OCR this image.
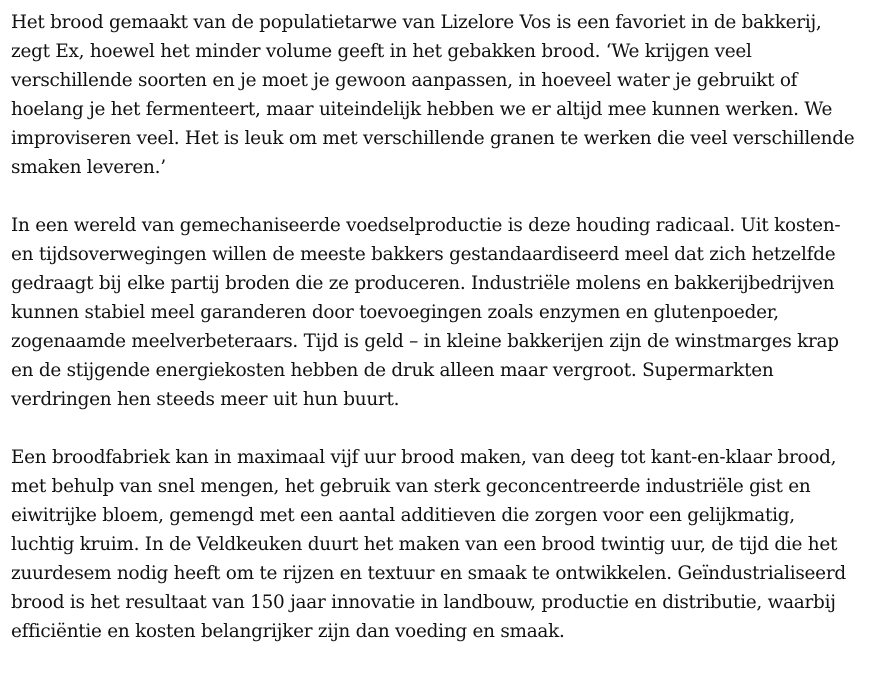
Het brood gemaakt van de populatietarwe van Lizelore Vos is een favoriet in de bakkerij,
zegt Ex, hoewel het minder volume geeft in het gebakken brood. ‘We krijgen veel
verschillende soorten en je moet je gewoon aanpassen, in hoeveel water je gebruikt of
hoelang je het fermenteert, maar uiteindelijk hebben we er altijd mee kunnen werken. We
improviseren veel. Het is leuk om met verschillende granen te werken die veel verschillende
smaken leveren.’

In een wereld van gemechaniseerde voedselproductie is deze houding radicaal. Uit kosten-
en tijdsoverwegingen willen de meeste bakkers gestandaardiseerd meel dat zich hetzelfde
gedraagt bij elke partij broden die ze produceren. Industriële molens en bakkerijbedrijven
kunnen stabiel meel garanderen door toevoegingen zoals enzymen en glutenpoeder,
zogenaamde meelverbeteraars. Tijd is geld – in kleine bakkerijen zijn de winstmarges krap
en de stijgende energiekosten hebben de druk alleen maar vergroot. Supermarkten
verdringen hen steeds meer uit hun buurt.

Een broodfabriek kan in maximaal vijf uur brood maken, van deeg tot kant-en-klaar brood,
met behulp van snel mengen, het gebruik van sterk geconcentreerde industriële gist en
eiwitrijke bloem, gemengd met een aantal additieven die zorgen voor een gelijkmatig,
luchtig kruim. In de Veldkeuken duurt het maken van een brood twintig uur, de tijd die het
zuurdesem nodig heeft om te rijzen en textuur en smaak te ontwikkelen. Geïndustrialiseerd
brood is het resultaat van 150 jaar innovatie in landbouw, productie en distributie, waarbij
efficiëntie en kosten belangrijker zijn dan voeding en smaak.
